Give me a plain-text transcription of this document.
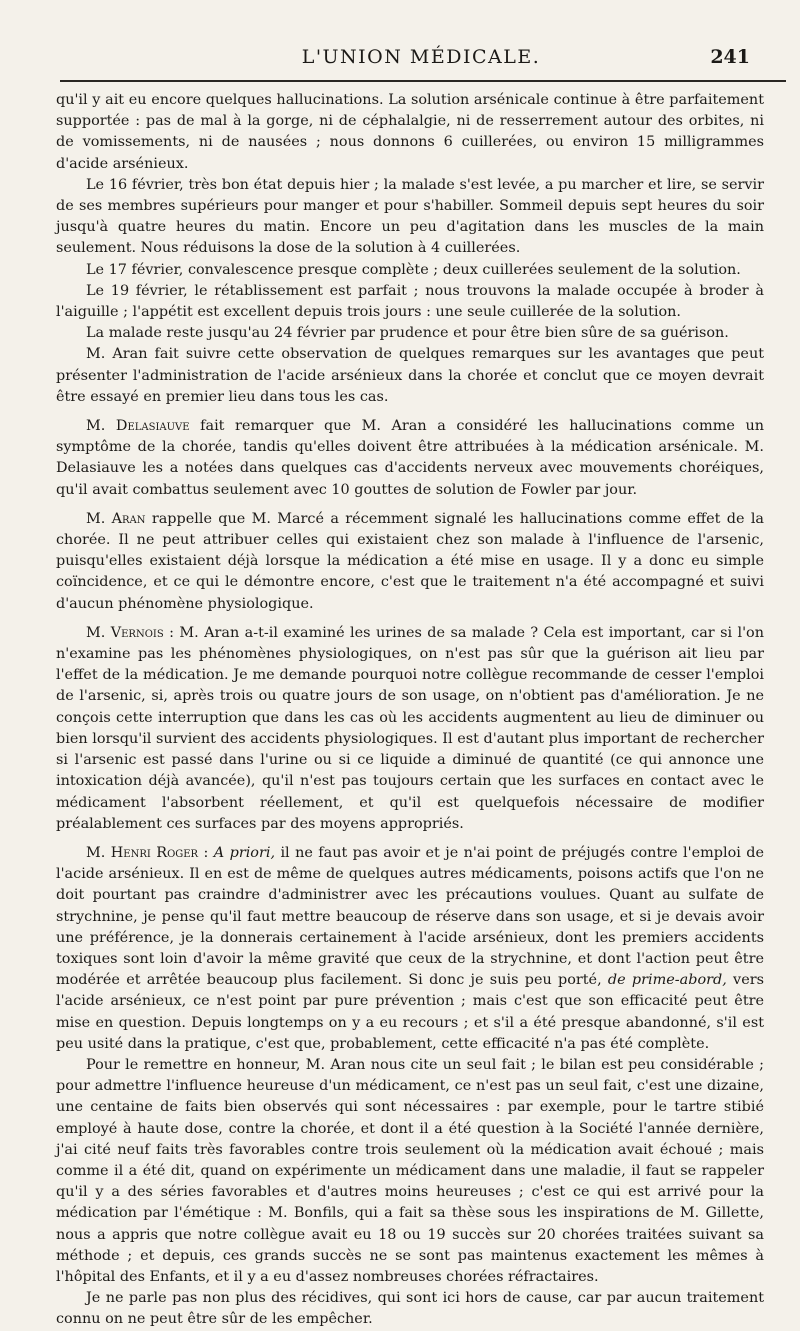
L'UNION MÉDICALE.	241

qu'il y ait eu encore quelques hallucinations. La solution arsénicale continue à être parfaitement supportée : pas de mal à la gorge, ni de céphalalgie, ni de resserrement autour des orbites, ni de vomissements, ni de nausées ; nous donnons 6 cuillerées, ou environ 15 milligrammes d'acide arsénieux.

Le 16 février, très bon état depuis hier ; la malade s'est levée, a pu marcher et lire, se servir de ses membres supérieurs pour manger et pour s'habiller. Sommeil depuis sept heures du soir jusqu'à quatre heures du matin. Encore un peu d'agitation dans les muscles de la main seulement. Nous réduisons la dose de la solution à 4 cuillerées.

Le 17 février, convalescence presque complète ; deux cuillerées seulement de la solution.

Le 19 février, le rétablissement est parfait ; nous trouvons la malade occupée à broder à l'aiguille ; l'appétit est excellent depuis trois jours : une seule cuillerée de la solution.

La malade reste jusqu'au 24 février par prudence et pour être bien sûre de sa guérison.

M. Aran fait suivre cette observation de quelques remarques sur les avantages que peut présenter l'administration de l'acide arsénieux dans la chorée et conclut que ce moyen devrait être essayé en premier lieu dans tous les cas.

M. Delasiauve fait remarquer que M. Aran a considéré les hallucinations comme un symptôme de la chorée, tandis qu'elles doivent être attribuées à la médication arsénicale. M. Delasiauve les a notées dans quelques cas d'accidents nerveux avec mouvements choréiques, qu'il avait combattus seulement avec 10 gouttes de solution de Fowler par jour.

M. Aran rappelle que M. Marcé a récemment signalé les hallucinations comme effet de la chorée. Il ne peut attribuer celles qui existaient chez son malade à l'influence de l'arsenic, puisqu'elles existaient déjà lorsque la médication a été mise en usage. Il y a donc eu simple coïncidence, et ce qui le démontre encore, c'est que le traitement n'a été accompagné et suivi d'aucun phénomène physiologique.

M. Vernois : M. Aran a-t-il examiné les urines de sa malade ? Cela est important, car si l'on n'examine pas les phénomènes physiologiques, on n'est pas sûr que la guérison ait lieu par l'effet de la médication. Je me demande pourquoi notre collègue recommande de cesser l'emploi de l'arsenic, si, après trois ou quatre jours de son usage, on n'obtient pas d'amélioration. Je ne conçois cette interruption que dans les cas où les accidents augmentent au lieu de diminuer ou bien lorsqu'il survient des accidents physiologiques. Il est d'autant plus important de rechercher si l'arsenic est passé dans l'urine ou si ce liquide a diminué de quantité (ce qui annonce une intoxication déjà avancée), qu'il n'est pas toujours certain que les surfaces en contact avec le médicament l'absorbent réellement, et qu'il est quelquefois nécessaire de modifier préalablement ces surfaces par des moyens appropriés.

M. Henri Roger : A priori, il ne faut pas avoir et je n'ai point de préjugés contre l'emploi de l'acide arsénieux. Il en est de même de quelques autres médicaments, poisons actifs que l'on ne doit pourtant pas craindre d'administrer avec les précautions voulues. Quant au sulfate de strychnine, je pense qu'il faut mettre beaucoup de réserve dans son usage, et si je devais avoir une préférence, je la donnerais certainement à l'acide arsénieux, dont les premiers accidents toxiques sont loin d'avoir la même gravité que ceux de la strychnine, et dont l'action peut être modérée et arrêtée beaucoup plus facilement. Si donc je suis peu porté, de prime-abord, vers l'acide arsénieux, ce n'est point par pure prévention ; mais c'est que son efficacité peut être mise en question. Depuis longtemps on y a eu recours ; et s'il a été presque abandonné, s'il est peu usité dans la pratique, c'est que, probablement, cette efficacité n'a pas été complète.

Pour le remettre en honneur, M. Aran nous cite un seul fait ; le bilan est peu considérable ; pour admettre l'influence heureuse d'un médicament, ce n'est pas un seul fait, c'est une dizaine, une centaine de faits bien observés qui sont nécessaires : par exemple, pour le tartre stibié employé à haute dose, contre la chorée, et dont il a été question à la Société l'année dernière, j'ai cité neuf faits très favorables contre trois seulement où la médication avait échoué ; mais comme il a été dit, quand on expérimente un médicament dans une maladie, il faut se rappeler qu'il y a des séries favorables et d'autres moins heureuses ; c'est ce qui est arrivé pour la médication par l'émétique : M. Bonfils, qui a fait sa thèse sous les inspirations de M. Gillette, nous a appris que notre collègue avait eu 18 ou 19 succès sur 20 chorées traitées suivant sa méthode ; et depuis, ces grands succès ne se sont pas maintenus exactement les mêmes à l'hôpital des Enfants, et il y a eu d'assez nombreuses chorées réfractaires.

Je ne parle pas non plus des récidives, qui sont ici hors de cause, car par aucun traitement connu on ne peut être sûr de les empêcher.
